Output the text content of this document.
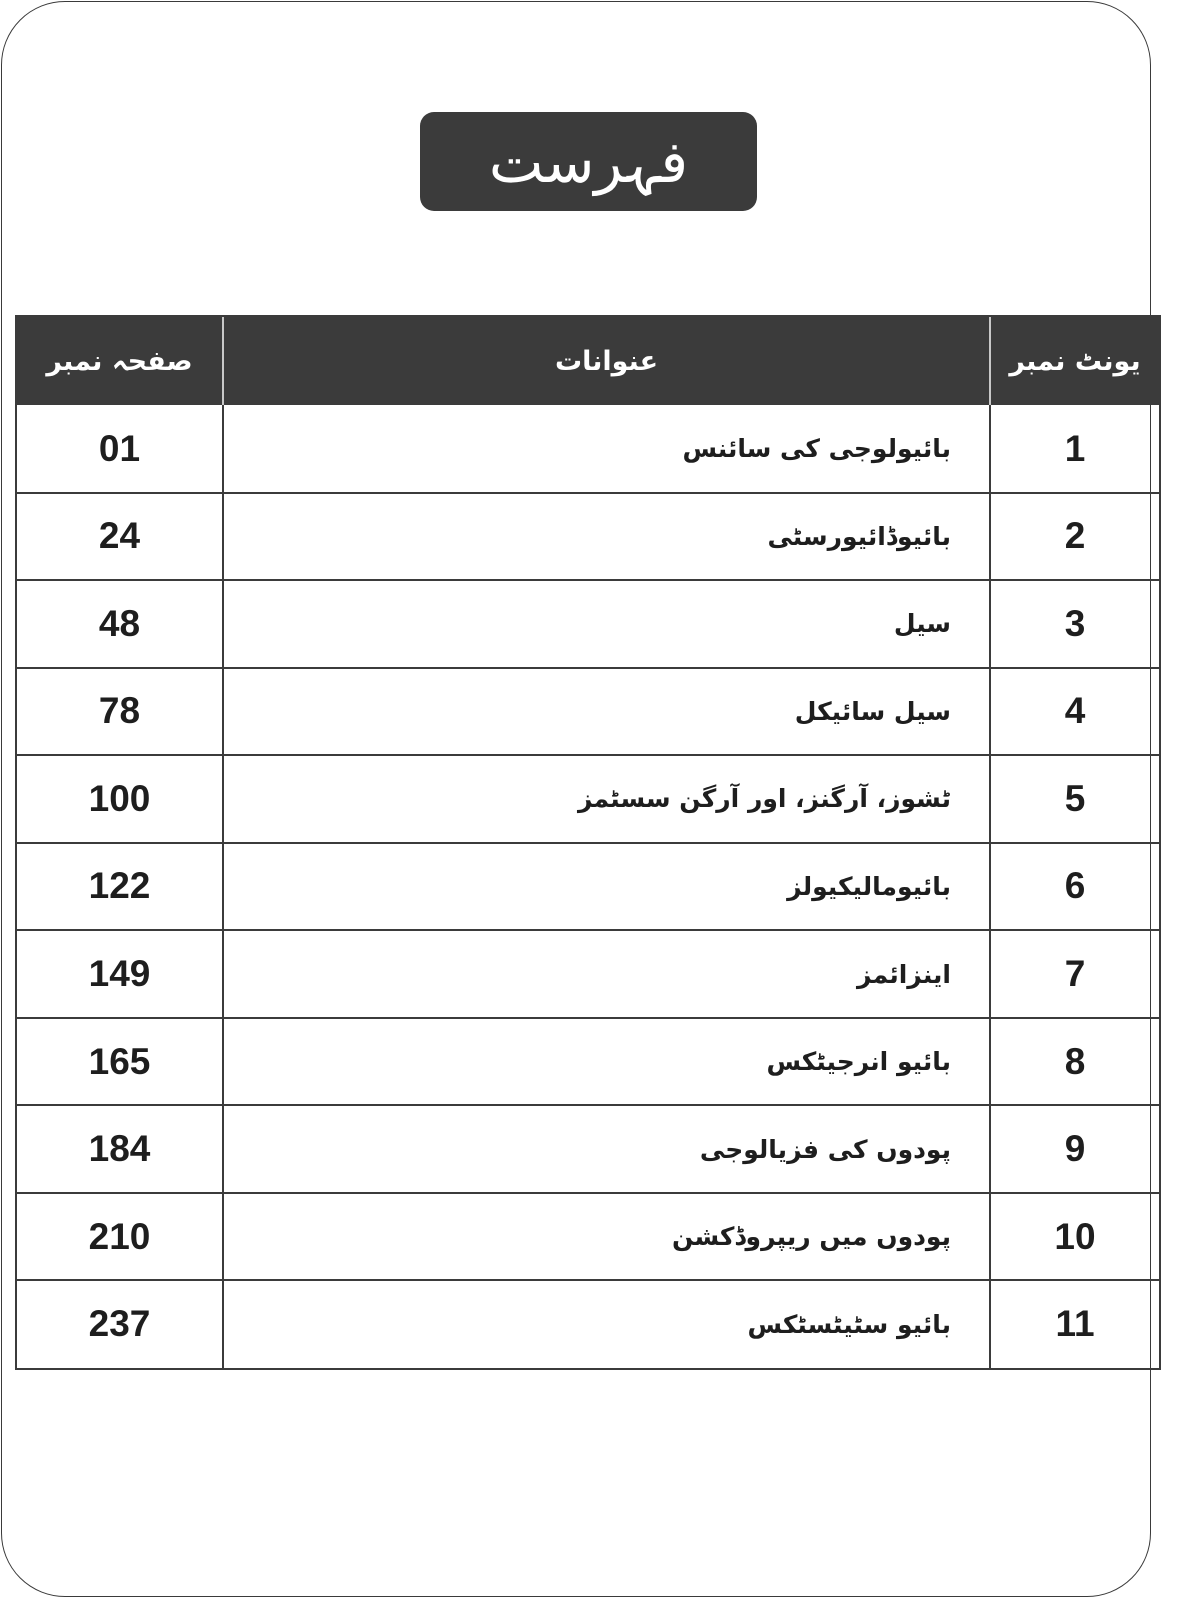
فہرست
صفحہ نمبر	عنوانات	یونٹ نمبر
01	بائیولوجی کی سائنس	1
24	بائیوڈائیورسٹی	2
48	سیل	3
78	سیل سائیکل	4
100	ٹشوز، آرگنز، اور آرگن سسٹمز	5
122	بائیومالیکیولز	6
149	اینزائمز	7
165	بائیو انرجیٹکس	8
184	پودوں کی فزیالوجی	9
210	پودوں میں ریپروڈکشن	10
237	بائیو سٹیٹسٹکس	11
